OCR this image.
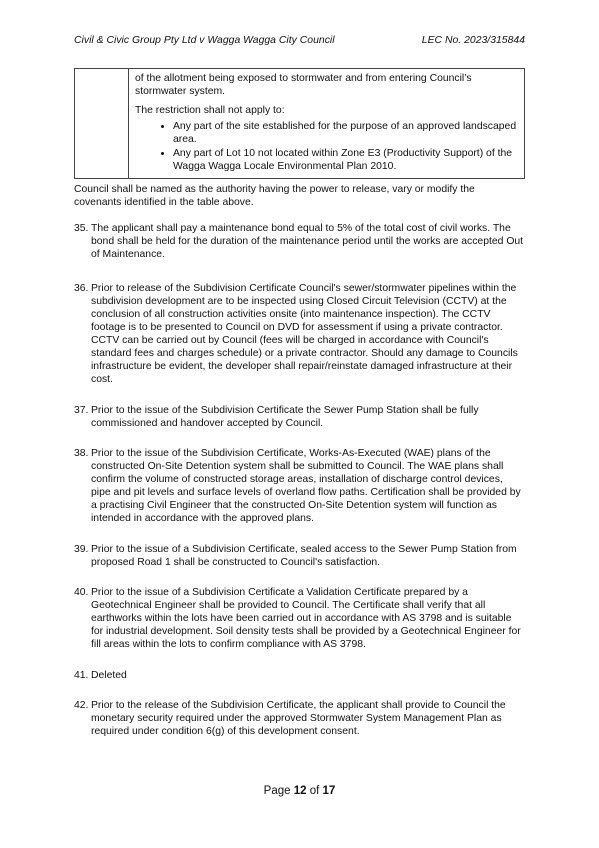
Civil & Civic Group Pty Ltd v Wagga Wagga City Council	LEC No. 2023/315844

of the allotment being exposed to stormwater and from entering Council’s stormwater system.

The restriction shall not apply to:

• Any part of the site established for the purpose of an approved landscaped area.
• Any part of Lot 10 not located within Zone E3 (Productivity Support) of the Wagga Wagga Locale Environmental Plan 2010.

Council shall be named as the authority having the power to release, vary or modify the covenants identified in the table above.

35. The applicant shall pay a maintenance bond equal to 5% of the total cost of civil works. The bond shall be held for the duration of the maintenance period until the works are accepted Out of Maintenance.
36. Prior to release of the Subdivision Certificate Council's sewer/stormwater pipelines within the subdivision development are to be inspected using Closed Circuit Television (CCTV) at the conclusion of all construction activities onsite (into maintenance inspection). The CCTV footage is to be presented to Council on DVD for assessment if using a private contractor. CCTV can be carried out by Council (fees will be charged in accordance with Council's standard fees and charges schedule) or a private contractor. Should any damage to Councils infrastructure be evident, the developer shall repair/reinstate damaged infrastructure at their cost.
37. Prior to the issue of the Subdivision Certificate the Sewer Pump Station shall be fully commissioned and handover accepted by Council.
38. Prior to the issue of the Subdivision Certificate, Works-As-Executed (WAE) plans of the constructed On-Site Detention system shall be submitted to Council. The WAE plans shall confirm the volume of constructed storage areas, installation of discharge control devices, pipe and pit levels and surface levels of overland flow paths. Certification shall be provided by a practising Civil Engineer that the constructed On-Site Detention system will function as intended in accordance with the approved plans.
39. Prior to the issue of a Subdivision Certificate, sealed access to the Sewer Pump Station from proposed Road 1 shall be constructed to Council's satisfaction.
40. Prior to the issue of a Subdivision Certificate a Validation Certificate prepared by a Geotechnical Engineer shall be provided to Council. The Certificate shall verify that all earthworks within the lots have been carried out in accordance with AS 3798 and is suitable for industrial development. Soil density tests shall be provided by a Geotechnical Engineer for fill areas within the lots to confirm compliance with AS 3798.
41. Deleted
42. Prior to the release of the Subdivision Certificate, the applicant shall provide to Council the monetary security required under the approved Stormwater System Management Plan as required under condition 6(g) of this development consent.
Page 12 of 17
